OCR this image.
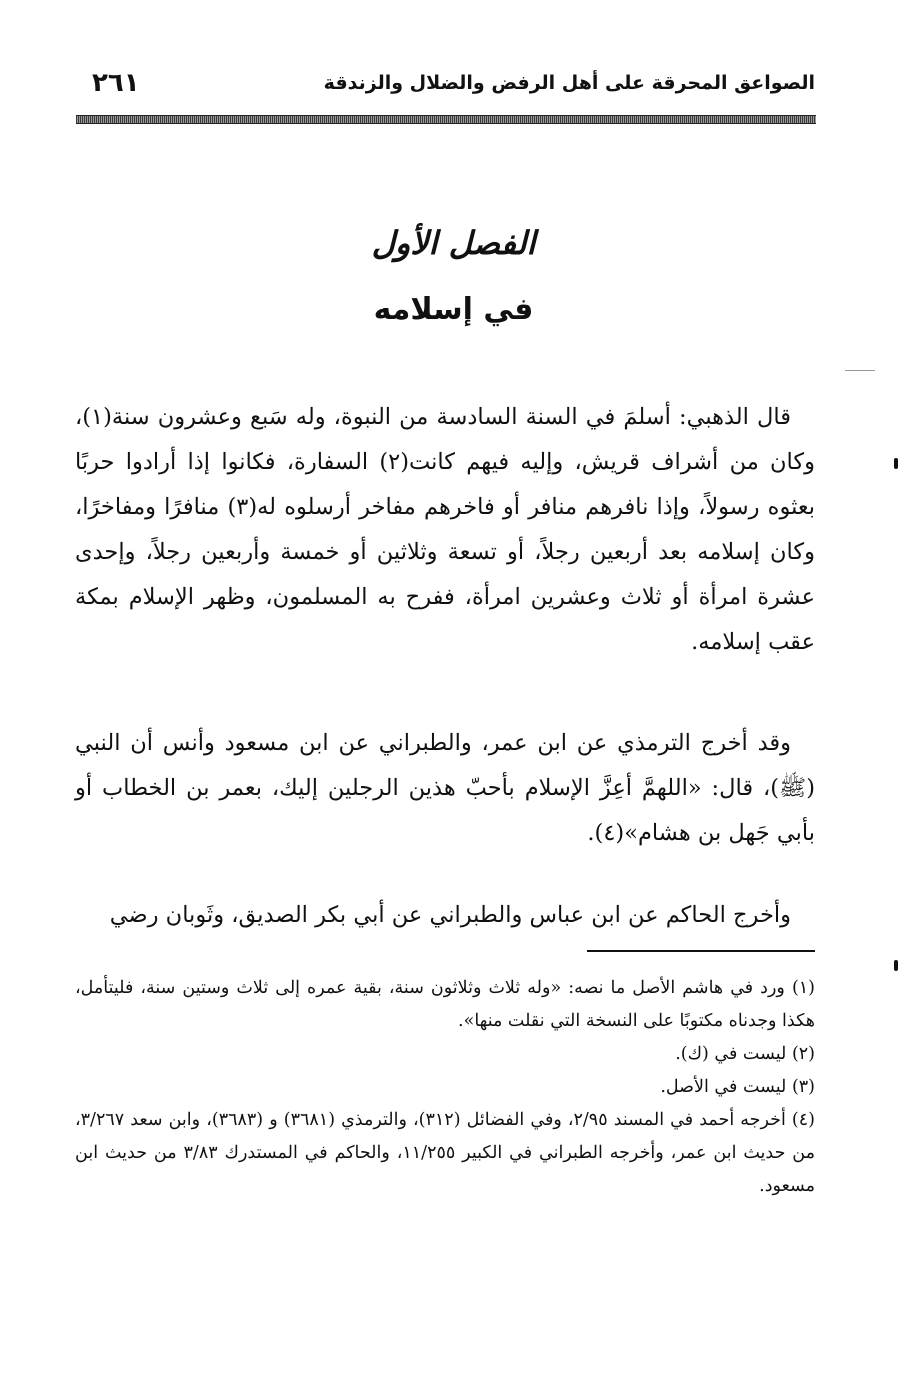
الصواعق المحرقة على أهل الرفض والضلال والزندقة
٢٦١
الفصل الأول
في إسلامه

قال الذهبي: أسلمَ في السنة السادسة من النبوة، وله سَبع وعشرون سنة(١)، وكان من أشراف قريش، وإليه فيهم كانت(٢) السفارة، فكانوا إذا أرادوا حربًا بعثوه رسولاً، وإذا نافرهم منافر أو فاخرهم مفاخر أرسلوه له(٣) منافرًا ومفاخرًا، وكان إسلامه بعد أربعين رجلاً، أو تسعة وثلاثين أو خمسة وأربعين رجلاً، وإحدى عشرة امرأة أو ثلاث وعشرين امرأة، ففرح به المسلمون، وظهر الإسلام بمكة عقب إسلامه.

وقد أخرج الترمذي عن ابن عمر، والطبراني عن ابن مسعود وأنس أن النبي (ﷺ)، قال: «اللهمَّ أعِزَّ الإسلام بأحبّ هذين الرجلين إليك، بعمر بن الخطاب أو بأبي جَهل بن هشام»(٤).

وأخرج الحاكم عن ابن عباس والطبراني عن أبي بكر الصديق، وثَوبان رضي

(١) ورد في هاشم الأصل ما نصه: «وله ثلاث وثلاثون سنة، بقية عمره إلى ثلاث وستين سنة، فليتأمل، هكذا وجدناه مكتوبًا على النسخة التي نقلت منها».

(٢) ليست في (ك).

(٣) ليست في الأصل.

(٤) أخرجه أحمد في المسند ٢/٩٥، وفي الفضائل (٣١٢)، والترمذي (٣٦٨١) و (٣٦٨٣)، وابن سعد ٣/٢٦٧، من حديث ابن عمر، وأخرجه الطبراني في الكبير ١١/٢٥٥، والحاكم في المستدرك ٣/٨٣ من حديث ابن مسعود.
